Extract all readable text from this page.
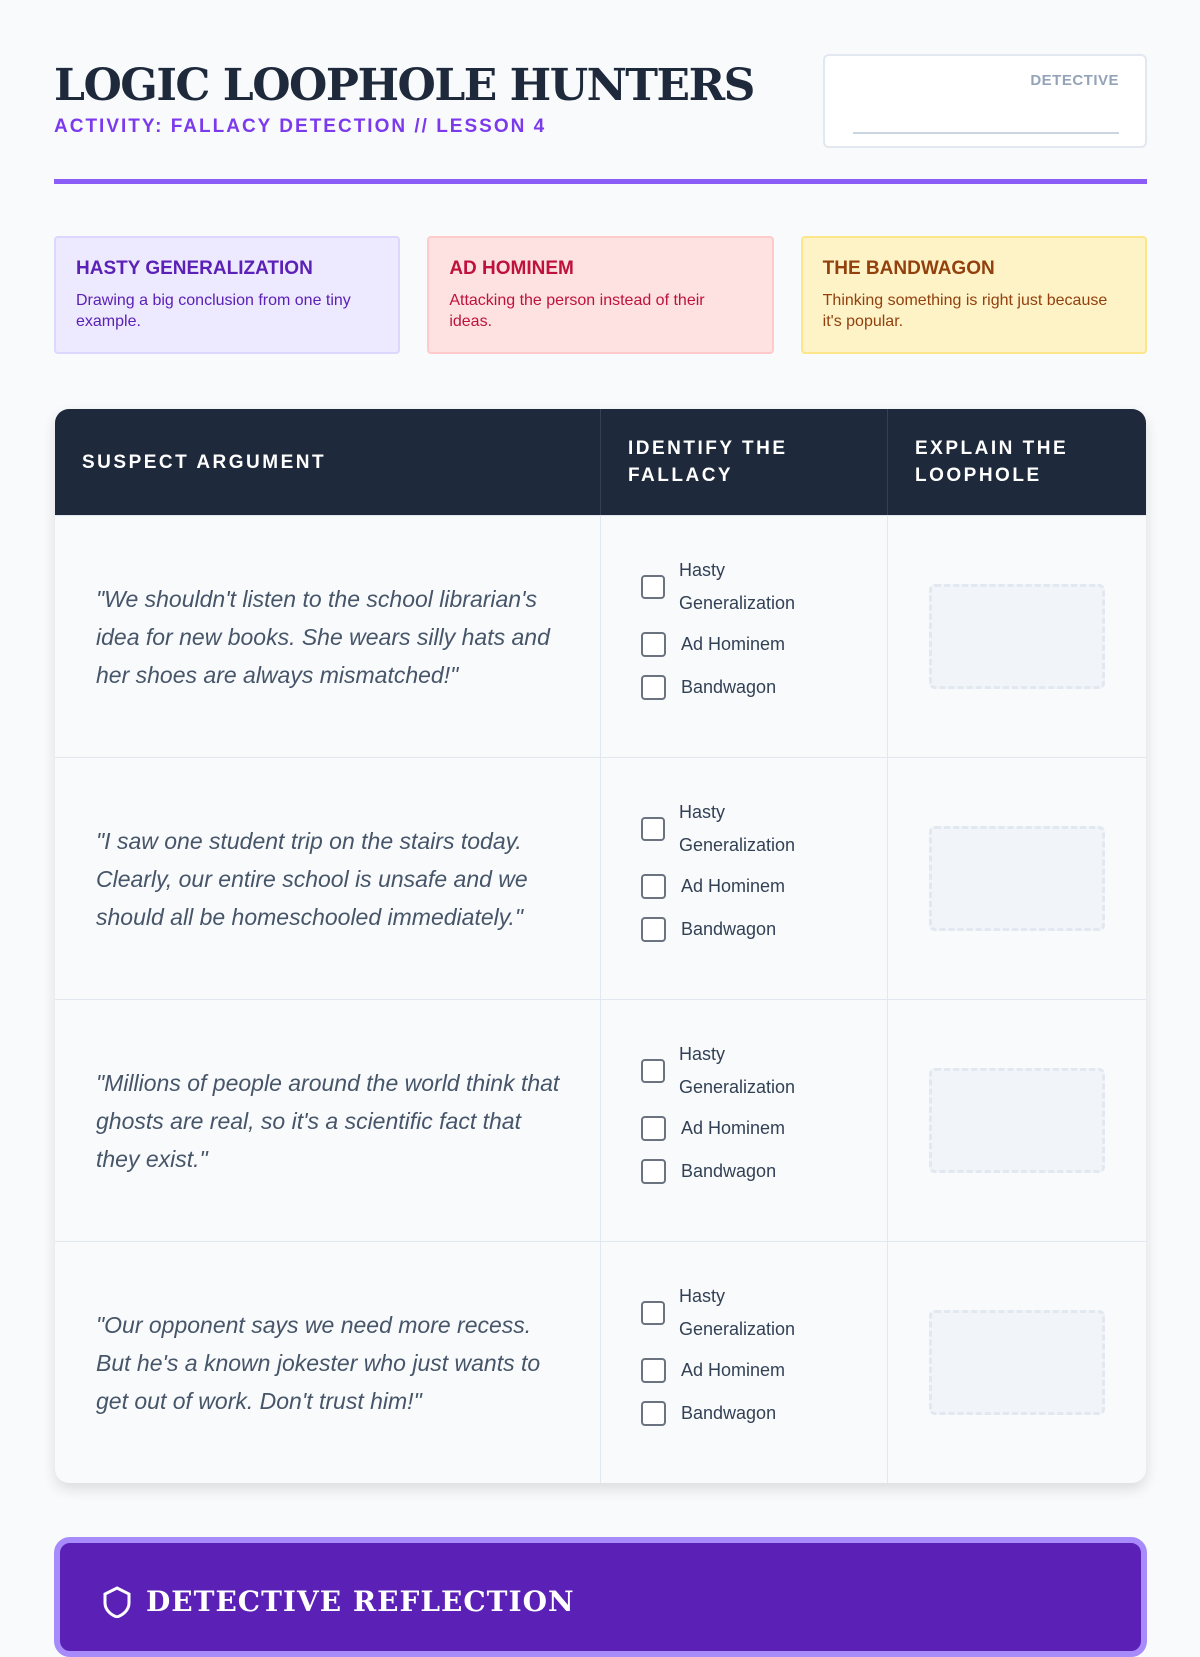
LOGIC LOOPHOLE HUNTERS
ACTIVITY: FALLACY DETECTION // LESSON 4
DETECTIVE
HASTY GENERALIZATION

Drawing a big conclusion from one tiny example.

AD HOMINEM

Attacking the person instead of their ideas.

THE BANDWAGON

Thinking something is right just because it's popular.

SUSPECT ARGUMENT
IDENTIFY THE FALLACY
EXPLAIN THE LOOPHOLE
"We shouldn't listen to the school librarian's idea for new books. She wears silly hats and her shoes are always mismatched!"
Hasty Generalization
Ad Hominem
Bandwagon
"I saw one student trip on the stairs today. Clearly, our entire school is unsafe and we should all be homeschooled immediately."
Hasty Generalization
Ad Hominem
Bandwagon
"Millions of people around the world think that ghosts are real, so it's a scientific fact that they exist."
Hasty Generalization
Ad Hominem
Bandwagon
"Our opponent says we need more recess. But he's a known jokester who just wants to get out of work. Don't trust him!"
Hasty Generalization
Ad Hominem
Bandwagon
DETECTIVE REFLECTION
